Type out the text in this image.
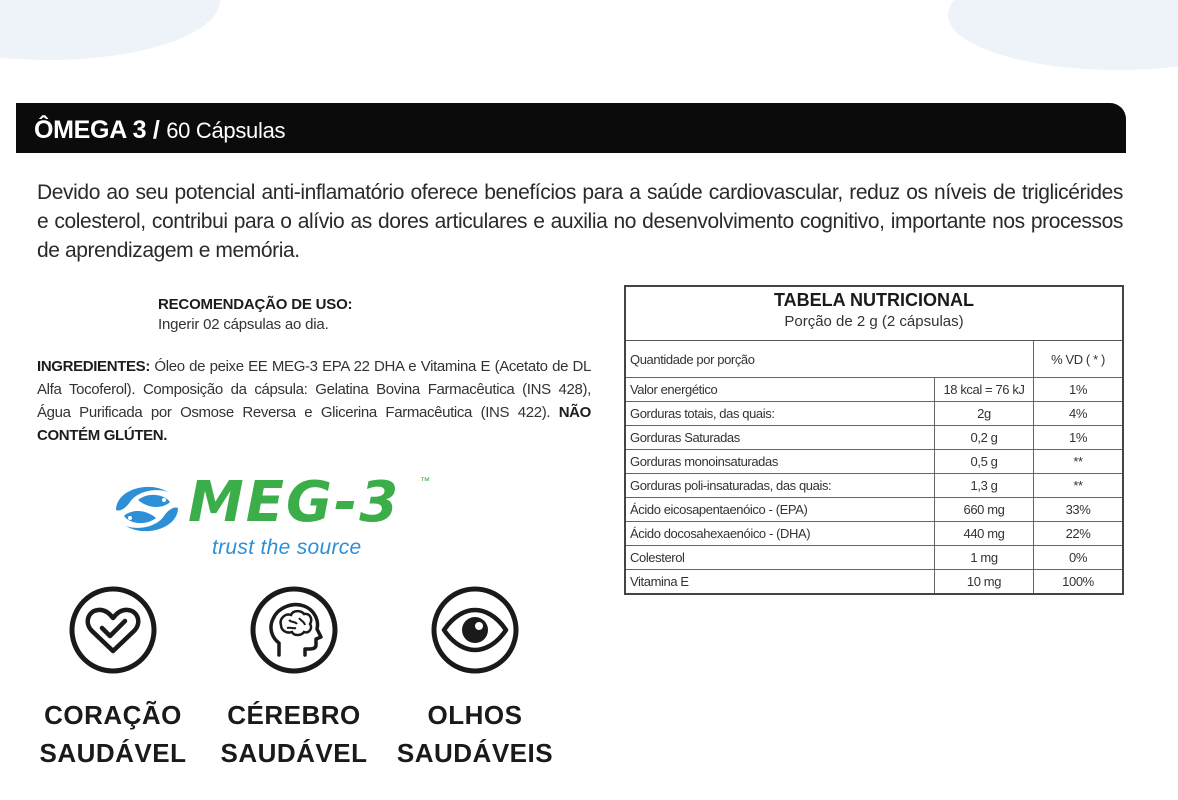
ÔMEGA 3 / 60 Cápsulas
Devido ao seu potencial anti-inflamatório oferece benefícios para a saúde cardiovascular, reduz os níveis de triglicérides e colesterol, contribui para o alívio as dores articulares e auxilia no desenvolvimento cognitivo, importante nos processos de aprendizagem e memória.
RECOMENDAÇÃO DE USO:
Ingerir 02 cápsulas ao dia.
INGREDIENTES: Óleo de peixe EE MEG-3 EPA 22 DHA e Vitamina E (Acetato de DL Alfa Tocoferol). Composição da cápsula: Gelatina Bovina Farmacêutica (INS 428), Água Purificada por Osmose Reversa e Glicerina Farmacêutica (INS 422). NÃO CONTÉM GLÚTEN.
MEG-3 ™
trust the source
CORAÇÃO
SAUDÁVEL
CÉREBRO
SAUDÁVEL
OLHOS
SAUDÁVEIS
TABELA NUTRICIONAL
Porção de 2 g (2 cápsulas)
Quantidade por porção		% VD ( * )
Valor energético	18 kcal = 76 kJ	1%
Gorduras totais, das quais:	2g	4%
Gorduras Saturadas	0,2 g	1%
Gorduras monoinsaturadas	0,5 g	**
Gorduras poli-insaturadas, das quais:	1,3 g	**
Ácido eicosapentaenóico - (EPA)	660 mg	33%
Ácido docosahexaenóico - (DHA)	440 mg	22%
Colesterol	1 mg	0%
Vitamina E	10 mg	100%
